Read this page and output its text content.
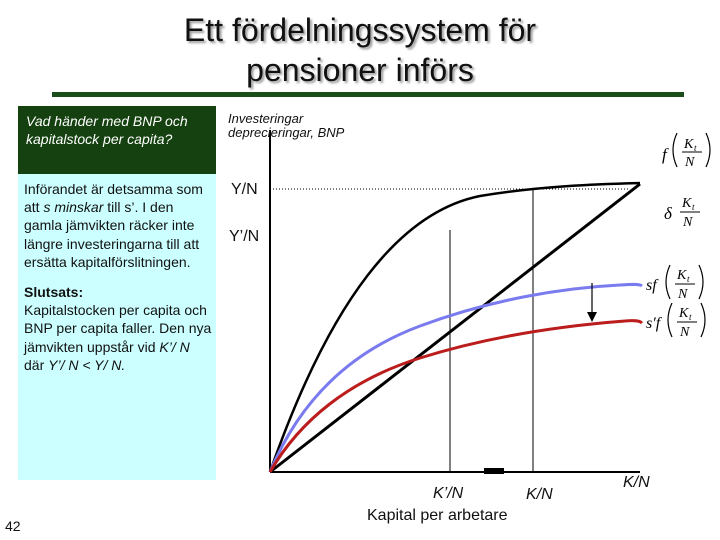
Ett fördelningssystem för pensioner införs
Vad händer med BNP och kapitalstock per capita?

Införandet är detsamma som att s minskar till s’. I den gamla jämvikten räcker inte längre investeringarna till att ersätta kapitalförslitningen.

Slutsats:
Kapitalstocken per capita och BNP per capita faller. Den nya jämvikten uppstår vid K’/ N där Y’/ N < Y/ N.

42
Investeringar
deprecieringar, BNP
Y/N
Y’/N
K’/N	K/N
K/N
Kapital per arbetare
f
K t
N
δ
K t
N
sf
K t
N
s′f
K t
N
